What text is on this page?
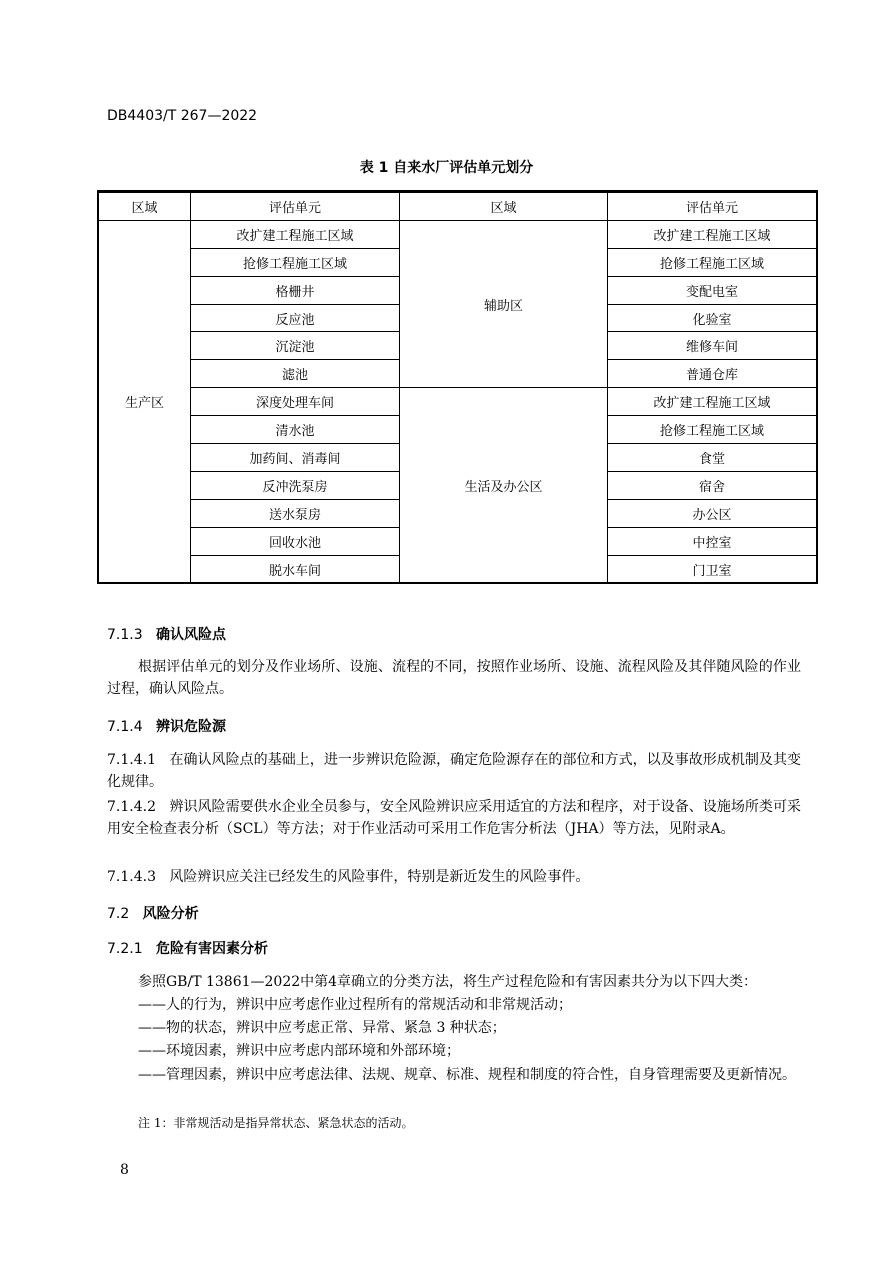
DB4403/T 267—2022
表 1 自来水厂评估单元划分
区域	评估单元	区域	评估单元
生产区	改扩建工程施工区域	辅助区	改扩建工程施工区域
	抢修工程施工区域		抢修工程施工区域
	格栅井		变配电室
	反应池		化验室
	沉淀池		维修车间
	滤池		普通仓库
	深度处理车间	生活及办公区	改扩建工程施工区域
	清水池		抢修工程施工区域
	加药间、消毒间		食堂
	反冲洗泵房		宿舍
	送水泵房		办公区
	回收水池		中控室
	脱水车间		门卫室
7.1.3 确认风险点
根据评估单元的划分及作业场所、设施、流程的不同，按照作业场所、设施、流程风险及其伴随风险的作业过程，确认风险点。
7.1.4 辨识危险源
7.1.4.1 在确认风险点的基础上，进一步辨识危险源，确定危险源存在的部位和方式，以及事故形成机制及其变化规律。
7.1.4.2 辨识风险需要供水企业全员参与，安全风险辨识应采用适宜的方法和程序，对于设备、设施场所类可采用安全检查表分析（SCL）等方法；对于作业活动可采用工作危害分析法（JHA）等方法，见附录A。
7.1.4.3 风险辨识应关注已经发生的风险事件，特别是新近发生的风险事件。
7.2 风险分析
7.2.1 危险有害因素分析
参照GB/T 13861—2022中第4章确立的分类方法，将生产过程危险和有害因素共分为以下四大类：
——人的行为，辨识中应考虑作业过程所有的常规活动和非常规活动；
——物的状态，辨识中应考虑正常、异常、紧急 3 种状态；
——环境因素，辨识中应考虑内部环境和外部环境；
——管理因素，辨识中应考虑法律、法规、规章、标准、规程和制度的符合性，自身管理需要及更新情况。
注 1：非常规活动是指异常状态、紧急状态的活动。
8
